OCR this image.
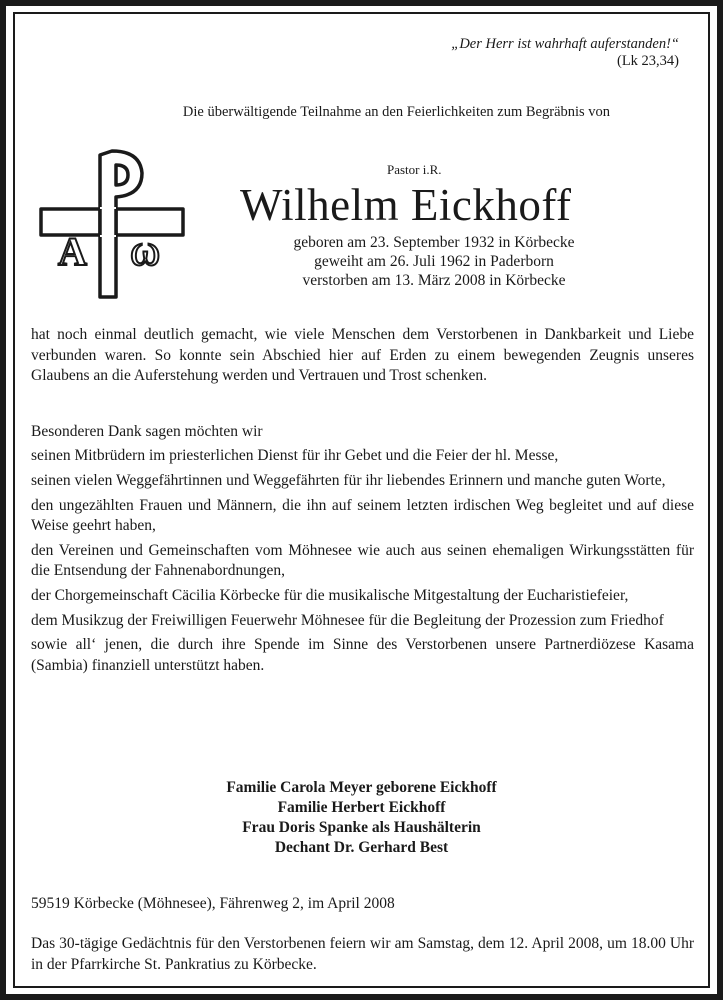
„Der Herr ist wahrhaft auferstanden!“
(Lk 23,34)
Die überwältigende Teilnahme an den Feierlichkeiten zum Begräbnis von
A ω
Pastor i.R.
Wilhelm Eickhoff
geboren am 23. September 1932 in Körbecke
geweiht am 26. Juli 1962 in Paderborn
verstorben am 13. März 2008 in Körbecke

hat noch einmal deutlich gemacht, wie viele Menschen dem Verstorbenen in Dankbarkeit und Liebe verbunden waren. So konnte sein Abschied hier auf Erden zu einem bewegenden Zeugnis unseres Glaubens an die Auferstehung werden und Vertrauen und Trost schenken.

Besonderen Dank sagen möchten wir

seinen Mitbrüdern im priesterlichen Dienst für ihr Gebet und die Feier der hl. Messe,

seinen vielen Weggefährtinnen und Weggefährten für ihr liebendes Erinnern und manche guten Worte,

den ungezählten Frauen und Männern, die ihn auf seinem letzten irdischen Weg begleitet und auf diese Weise geehrt haben,

den Vereinen und Gemeinschaften vom Möhnesee wie auch aus seinen ehemaligen Wirkungsstätten für die Entsendung der Fahnenabordnungen,

der Chorgemeinschaft Cäcilia Körbecke für die musikalische Mitgestaltung der Eucharistiefeier,

dem Musikzug der Freiwilligen Feuerwehr Möhnesee für die Begleitung der Prozession zum Friedhof

sowie all‘ jenen, die durch ihre Spende im Sinne des Verstorbenen unsere Partnerdiözese Kasama (Sambia) finanziell unterstützt haben.

Familie Carola Meyer geborene Eickhoff
Familie Herbert Eickhoff
Frau Doris Spanke als Haushälterin
Dechant Dr. Gerhard Best
59519 Körbecke (Möhnesee), Fährenweg 2, im April 2008
Das 30-tägige Gedächtnis für den Verstorbenen feiern wir am Samstag, dem 12. April 2008, um 18.00 Uhr in der Pfarrkirche St. Pankratius zu Körbecke.
